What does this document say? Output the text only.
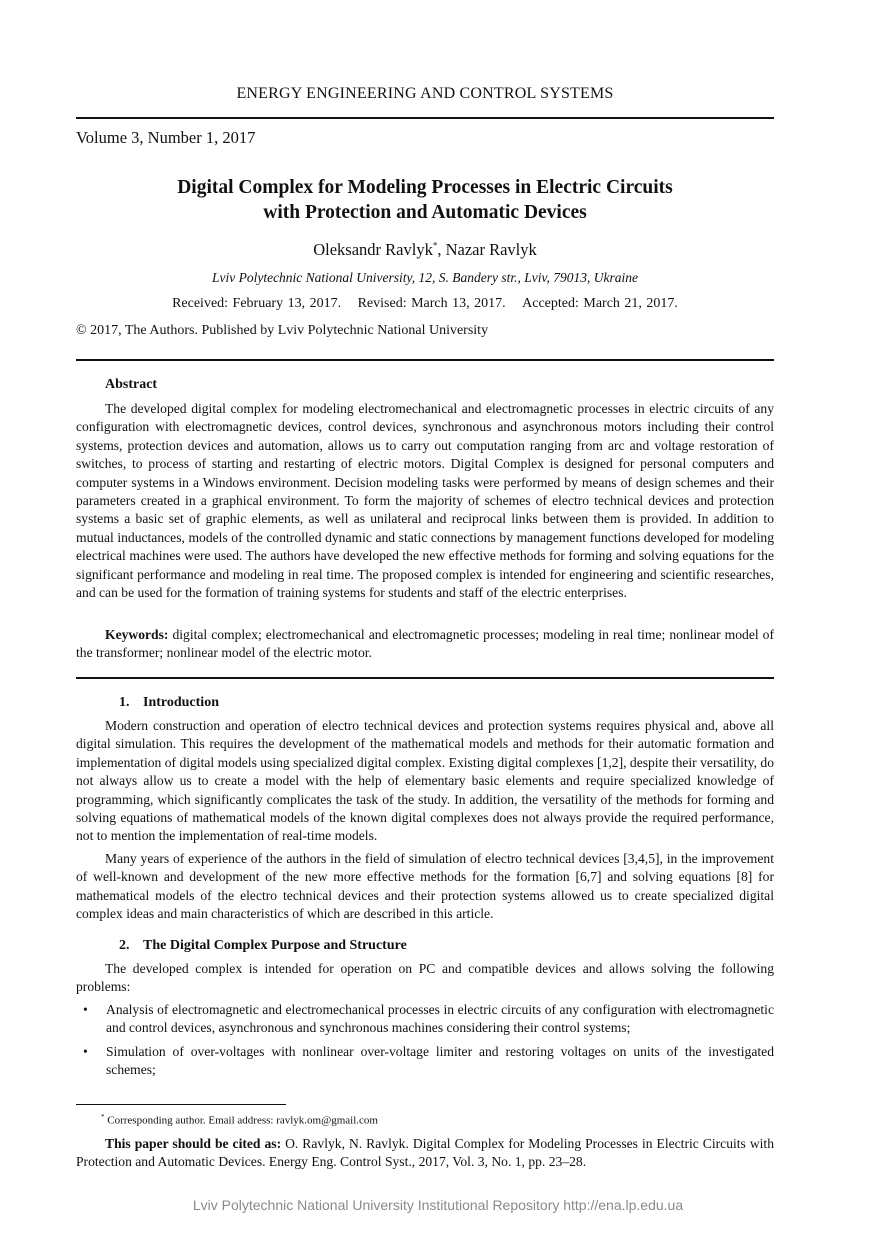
ENERGY ENGINEERING AND CONTROL SYSTEMS
Volume 3, Number 1, 2017
Digital Complex for Modeling Processes in Electric Circuits
with Protection and Automatic Devices
Oleksandr Ravlyk*, Nazar Ravlyk
Lviv Polytechnic National University, 12, S. Bandery str., Lviv, 79013, Ukraine
Received: February 13, 2017. Revised: March 13, 2017. Accepted: March 21, 2017.
© 2017, The Authors. Published by Lviv Polytechnic National University
Abstract

The developed digital complex for modeling electromechanical and electromagnetic processes in electric circuits of any configuration with electromagnetic devices, control devices, synchronous and asynchronous motors including their control systems, protection devices and automation, allows us to carry out computation ranging from arc and voltage restoration of switches, to process of starting and restarting of electric motors. Digital Complex is designed for personal computers and computer systems in a Windows environment. Decision modeling tasks were performed by means of design schemes and their parameters created in a graphical environment. To form the majority of schemes of electro technical devices and protection systems a basic set of graphic elements, as well as unilateral and reciprocal links between them is provided. In addition to mutual inductances, models of the controlled dynamic and static connections by management functions developed for modeling electrical machines were used. The authors have developed the new effective methods for forming and solving equations for the significant performance and modeling in real time. The proposed complex is intended for engineering and scientific researches, and can be used for the formation of training systems for students and staff of the electric enterprises.

Keywords: digital complex; electromechanical and electromagnetic processes; modeling in real time; nonlinear model of the transformer; nonlinear model of the electric motor.

1. Introduction

Modern construction and operation of electro technical devices and protection systems requires physical and, above all digital simulation. This requires the development of the mathematical models and methods for their automatic formation and implementation of digital models using specialized digital complex. Existing digital complexes [1,2], despite their versatility, do not always allow us to create a model with the help of elementary basic elements and require specialized knowledge of programming, which significantly complicates the task of the study. In addition, the versatility of the methods for forming and solving equations of mathematical models of the known digital complexes does not always provide the required performance, not to mention the implementation of real-time models.

Many years of experience of the authors in the field of simulation of electro technical devices [3,4,5], in the improvement of well-known and development of the new more effective methods for the formation [6,7] and solving equations [8] for mathematical models of the electro technical devices and their protection systems allowed us to create specialized digital complex ideas and main characteristics of which are described in this article.

2. The Digital Complex Purpose and Structure

The developed complex is intended for operation on PC and compatible devices and allows solving the following problems:

• Analysis of electromagnetic and electromechanical processes in electric circuits of any configuration with electromagnetic and control devices, asynchronous and synchronous machines considering their control systems;
• Simulation of over-voltages with nonlinear over-voltage limiter and restoring voltages on units of the investigated schemes;
* Corresponding author. Email address: ravlyk.om@gmail.com

This paper should be cited as: O. Ravlyk, N. Ravlyk. Digital Complex for Modeling Processes in Electric Circuits with Protection and Automatic Devices. Energy Eng. Control Syst., 2017, Vol. 3, No. 1, pp. 23–28.

Lviv Polytechnic National University Institutional Repository http://ena.lp.edu.ua
